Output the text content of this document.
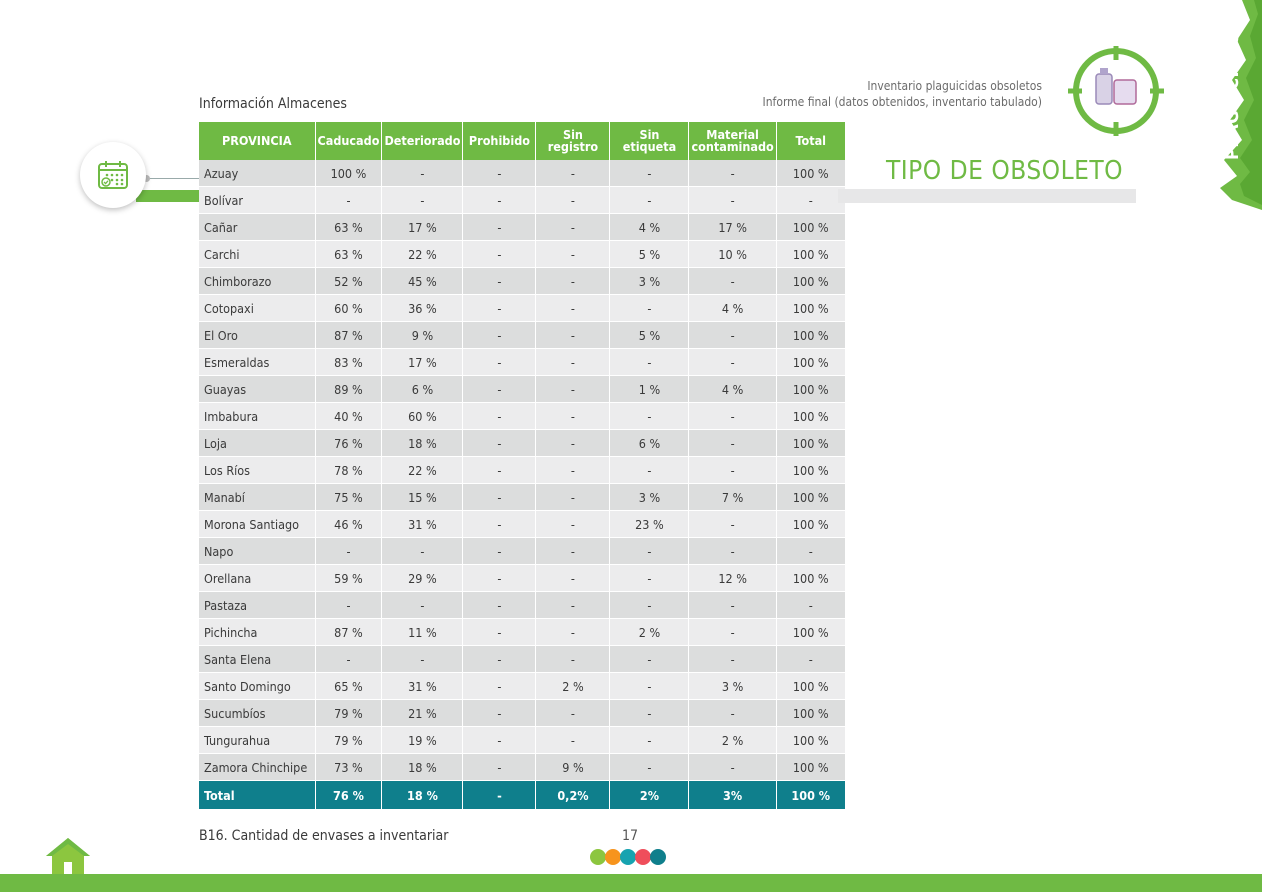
PLAGUICIDAS
Inventario plaguicidas obsoletos
Informe final (datos obtenidos, inventario tabulado)
Información Almacenes
PROVINCIA	Caducado	Deteriorado	Prohibido	Sin registro	Sin etiqueta	Material contaminado	Total
Azuay	100 %	-	-	-	-	-	100 %
Bolívar	-	-	-	-	-	-	-
Cañar	63 %	17 %	-	-	4 %	17 %	100 %
Carchi	63 %	22 %	-	-	5 %	10 %	100 %
Chimborazo	52 %	45 %	-	-	3 %	-	100 %
Cotopaxi	60 %	36 %	-	-	-	4 %	100 %
El Oro	87 %	9 %	-	-	5 %	-	100 %
Esmeraldas	83 %	17 %	-	-	-	-	100 %
Guayas	89 %	6 %	-	-	1 %	4 %	100 %
Imbabura	40 %	60 %	-	-	-	-	100 %
Loja	76 %	18 %	-	-	6 %	-	100 %
Los Ríos	78 %	22 %	-	-	-	-	100 %
Manabí	75 %	15 %	-	-	3 %	7 %	100 %
Morona Santiago	46 %	31 %	-	-	23 %	-	100 %
Napo	-	-	-	-	-	-	-
Orellana	59 %	29 %	-	-	-	12 %	100 %
Pastaza	-	-	-	-	-	-	-
Pichincha	87 %	11 %	-	-	2 %	-	100 %
Santa Elena	-	-	-	-	-	-	-
Santo Domingo	65 %	31 %	-	2 %	-	3 %	100 %
Sucumbíos	79 %	21 %	-	-	-	-	100 %
Tungurahua	79 %	19 %	-	-	-	2 %	100 %
Zamora Chinchipe	73 %	18 %	-	9 %	-	-	100 %
Total	76 %	18 %	-	0,2%	2%	3%	100 %
TIPO DE OBSOLETO
B16. Cantidad de envases a inventariar	17
